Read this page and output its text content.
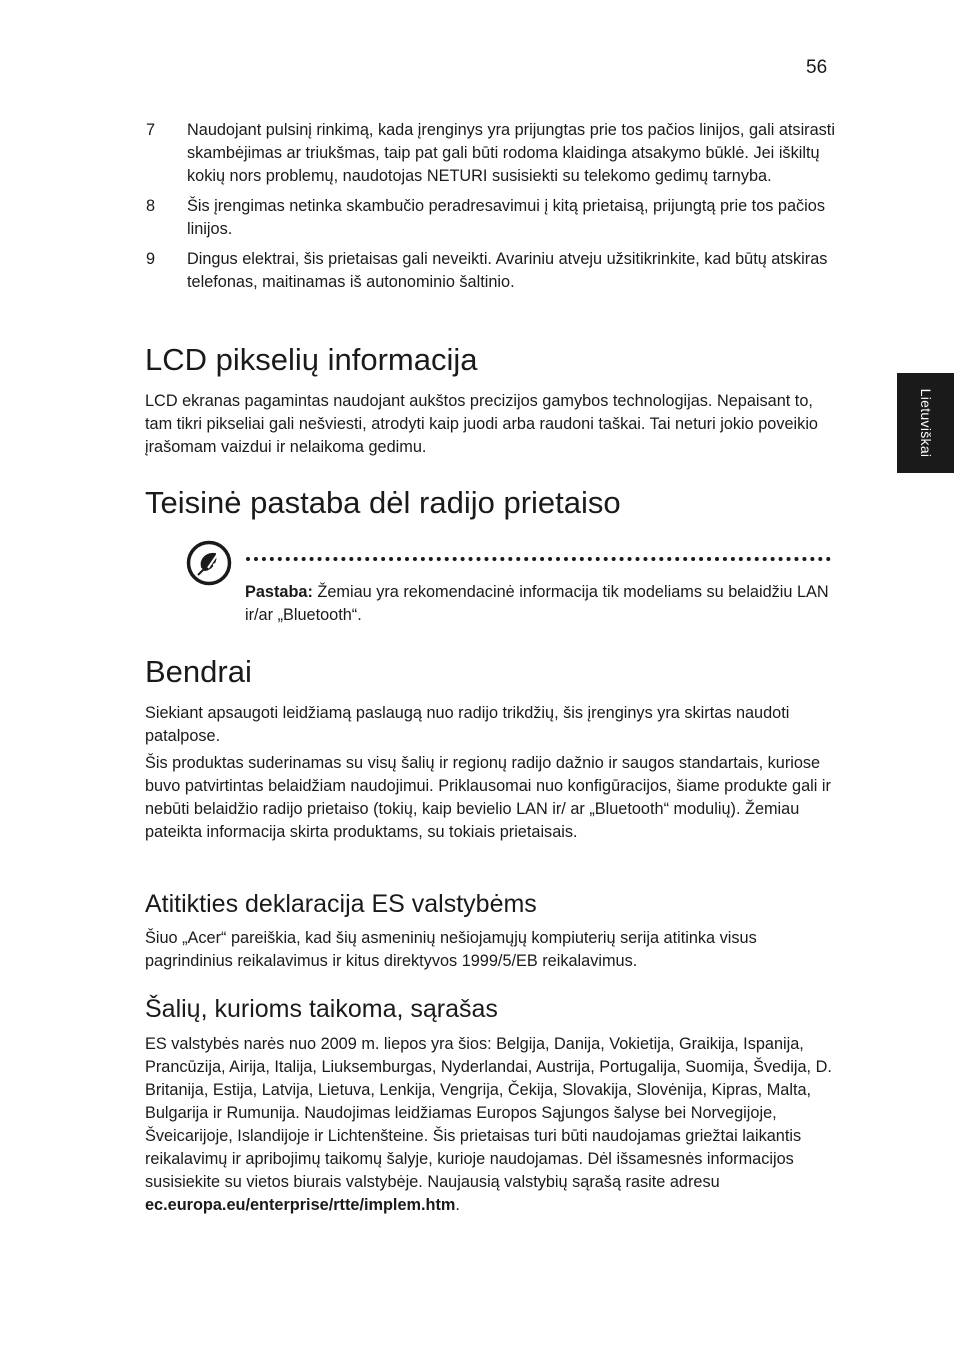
56
Lietuviškai
7	Naudojant pulsinį rinkimą, kada įrenginys yra prijungtas prie tos pačios linijos, gali atsirasti skambėjimas ar triukšmas, taip pat gali būti rodoma klaidinga atsakymo būklė. Jei iškiltų kokių nors problemų, naudotojas NETURI susisiekti su telekomo gedimų tarnyba.
8	Šis įrengimas netinka skambučio peradresavimui į kitą prietaisą, prijungtą prie tos pačios linijos.
9	Dingus elektrai, šis prietaisas gali neveikti. Avariniu atveju užsitikrinkite, kad būtų atskiras telefonas, maitinamas iš autonominio šaltinio.
LCD pikselių informacija

LCD ekranas pagamintas naudojant aukštos precizijos gamybos technologijas. Nepaisant to, tam tikri pikseliai gali nešviesti, atrodyti kaip juodi arba raudoni taškai. Tai neturi jokio poveikio įrašomam vaizdui ir nelaikoma gedimu.

Teisinė pastaba dėl radijo prietaiso
Pastaba: Žemiau yra rekomendacinė informacija tik modeliams su belaidžiu LAN ir/ar „Bluetooth“.
Bendrai

Siekiant apsaugoti leidžiamą paslaugą nuo radijo trikdžių, šis įrenginys yra skirtas naudoti patalpose.

Šis produktas suderinamas su visų šalių ir regionų radijo dažnio ir saugos standartais, kuriose buvo patvirtintas belaidžiam naudojimui. Priklausomai nuo konfigūracijos, šiame produkte gali ir nebūti belaidžio radijo prietaiso (tokių, kaip bevielio LAN ir/ ar „Bluetooth“ modulių). Žemiau pateikta informacija skirta produktams, su tokiais prietaisais.

Atitikties deklaracija ES valstybėms

Šiuo „Acer“ pareiškia, kad šių asmeninių nešiojamųjų kompiuterių serija atitinka visus pagrindinius reikalavimus ir kitus direktyvos 1999/5/EB reikalavimus.

Šalių, kurioms taikoma, sąrašas

ES valstybės narės nuo 2009 m. liepos yra šios: Belgija, Danija, Vokietija, Graikija, Ispanija, Prancūzija, Airija, Italija, Liuksemburgas, Nyderlandai, Austrija, Portugalija, Suomija, Švedija, D. Britanija, Estija, Latvija, Lietuva, Lenkija, Vengrija, Čekija, Slovakija, Slovėnija, Kipras, Malta, Bulgarija ir Rumunija. Naudojimas leidžiamas Europos Sąjungos šalyse bei Norvegijoje, Šveicarijoje, Islandijoje ir Lichtenšteine. Šis prietaisas turi būti naudojamas griežtai laikantis reikalavimų ir apribojimų taikomų šalyje, kurioje naudojamas. Dėl išsamesnės informacijos susisiekite su vietos biurais valstybėje. Naujausią valstybių sąrašą rasite adresu ec.europa.eu/enterprise/rtte/implem.htm.
